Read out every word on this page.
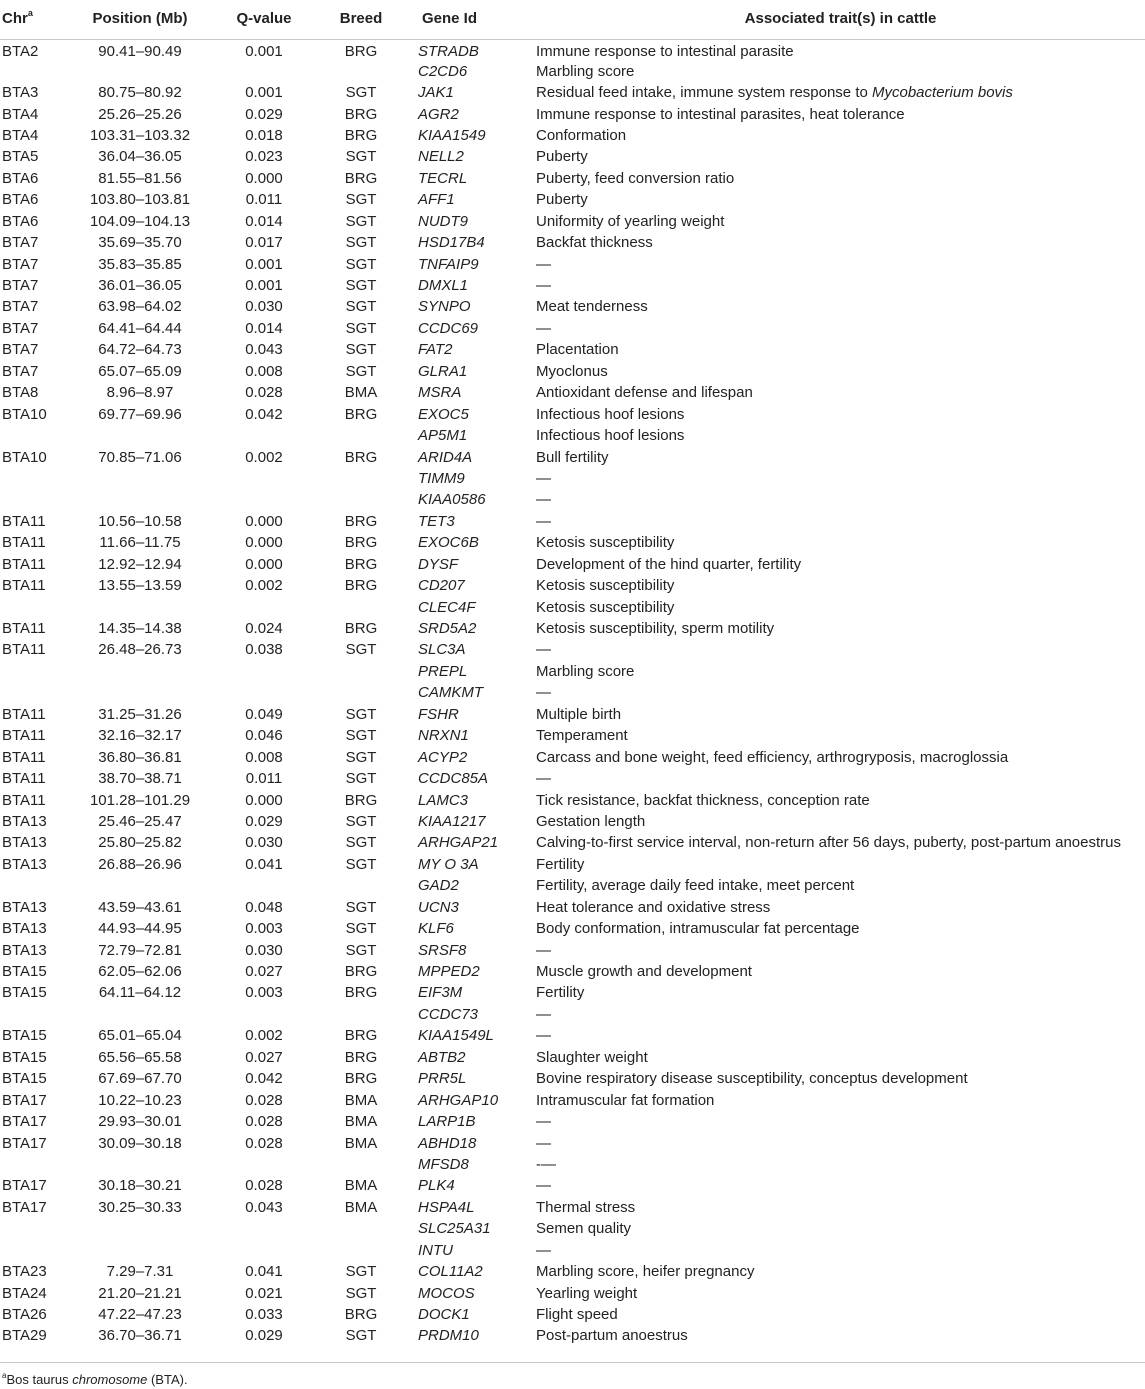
Chr$^a$	Position (Mb)	Q-value	Breed	Gene Id	Associated trait(s) in cattle
BTA2	90.41–90.49	0.001	BRG	STRADB	Immune response to intestinal parasite
				C2CD6	Marbling score
BTA3	80.75–80.92	0.001	SGT	JAK1	Residual feed intake, immune system response to Mycobacterium bovis
BTA4	25.26–25.26	0.029	BRG	AGR2	Immune response to intestinal parasites, heat tolerance
BTA4	103.31–103.32	0.018	BRG	KIAA1549	Conformation
BTA5	36.04–36.05	0.023	SGT	NELL2	Puberty
BTA6	81.55–81.56	0.000	BRG	TECRL	Puberty, feed conversion ratio
BTA6	103.80–103.81	0.011	SGT	AFF1	Puberty
BTA6	104.09–104.13	0.014	SGT	NUDT9	Uniformity of yearling weight
BTA7	35.69–35.70	0.017	SGT	HSD17B4	Backfat thickness
BTA7	35.83–35.85	0.001	SGT	TNFAIP9	—
BTA7	36.01–36.05	0.001	SGT	DMXL1	—
BTA7	63.98–64.02	0.030	SGT	SYNPO	Meat tenderness
BTA7	64.41–64.44	0.014	SGT	CCDC69	—
BTA7	64.72–64.73	0.043	SGT	FAT2	Placentation
BTA7	65.07–65.09	0.008	SGT	GLRA1	Myoclonus
BTA8	8.96–8.97	0.028	BMA	MSRA	Antioxidant defense and lifespan
BTA10	69.77–69.96	0.042	BRG	EXOC5	Infectious hoof lesions
				AP5M1	Infectious hoof lesions
BTA10	70.85–71.06	0.002	BRG	ARID4A	Bull fertility
				TIMM9	—
				KIAA0586	—
BTA11	10.56–10.58	0.000	BRG	TET3	—
BTA11	11.66–11.75	0.000	BRG	EXOC6B	Ketosis susceptibility
BTA11	12.92–12.94	0.000	BRG	DYSF	Development of the hind quarter, fertility
BTA11	13.55–13.59	0.002	BRG	CD207	Ketosis susceptibility
				CLEC4F	Ketosis susceptibility
BTA11	14.35–14.38	0.024	BRG	SRD5A2	Ketosis susceptibility, sperm motility
BTA11	26.48–26.73	0.038	SGT	SLC3A	—
				PREPL	Marbling score
				CAMKMT	—
BTA11	31.25–31.26	0.049	SGT	FSHR	Multiple birth
BTA11	32.16–32.17	0.046	SGT	NRXN1	Temperament
BTA11	36.80–36.81	0.008	SGT	ACYP2	Carcass and bone weight, feed efficiency, arthrogryposis, macroglossia
BTA11	38.70–38.71	0.011	SGT	CCDC85A	—
BTA11	101.28–101.29	0.000	BRG	LAMC3	Tick resistance, backfat thickness, conception rate
BTA13	25.46–25.47	0.029	SGT	KIAA1217	Gestation length
BTA13	25.80–25.82	0.030	SGT	ARHGAP21	Calving-to-first service interval, non-return after 56 days, puberty, post-partum anoestrus
BTA13	26.88–26.96	0.041	SGT	MY O 3A	Fertility
				GAD2	Fertility, average daily feed intake, meet percent
BTA13	43.59–43.61	0.048	SGT	UCN3	Heat tolerance and oxidative stress
BTA13	44.93–44.95	0.003	SGT	KLF6	Body conformation, intramuscular fat percentage
BTA13	72.79–72.81	0.030	SGT	SRSF8	—
BTA15	62.05–62.06	0.027	BRG	MPPED2	Muscle growth and development
BTA15	64.11–64.12	0.003	BRG	EIF3M	Fertility
				CCDC73	—
BTA15	65.01–65.04	0.002	BRG	KIAA1549L	—
BTA15	65.56–65.58	0.027	BRG	ABTB2	Slaughter weight
BTA15	67.69–67.70	0.042	BRG	PRR5L	Bovine respiratory disease susceptibility, conceptus development
BTA17	10.22–10.23	0.028	BMA	ARHGAP10	Intramuscular fat formation
BTA17	29.93–30.01	0.028	BMA	LARP1B	—
BTA17	30.09–30.18	0.028	BMA	ABHD18	—
				MFSD8	-—
BTA17	30.18–30.21	0.028	BMA	PLK4	—
BTA17	30.25–30.33	0.043	BMA	HSPA4L	Thermal stress
				SLC25A31	Semen quality
				INTU	—
BTA23	7.29–7.31	0.041	SGT	COL11A2	Marbling score, heifer pregnancy
BTA24	21.20–21.21	0.021	SGT	MOCOS	Yearling weight
BTA26	47.22–47.23	0.033	BRG	DOCK1	Flight speed
BTA29	36.70–36.71	0.029	SGT	PRDM10	Post-partum anoestrus
$^a$Bos taurus chromosome (BTA).
